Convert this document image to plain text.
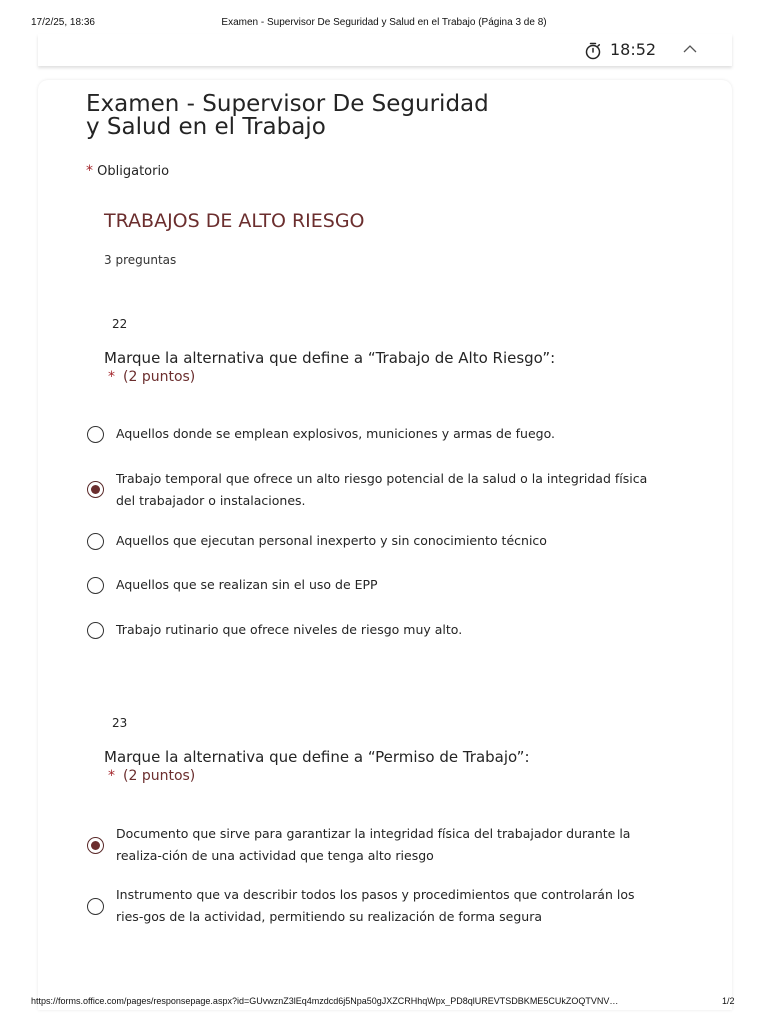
17/2/25, 18:36	Examen - Supervisor De Seguridad y Salud en el Trabajo (Página 3 de 8)
18:52
Examen - Supervisor De Seguridad y Salud en el Trabajo
* Obligatorio
TRABAJOS DE ALTO RIESGO
3 preguntas
22
Marque la alternativa que define a “Trabajo de Alto Riesgo”:
* (2 puntos)
Aquellos donde se emplean explosivos, municiones y armas de fuego.
Trabajo temporal que ofrece un alto riesgo potencial de la salud o la integridad física del trabajador o instalaciones.
Aquellos que ejecutan personal inexperto y sin conocimiento técnico
Aquellos que se realizan sin el uso de EPP
Trabajo rutinario que ofrece niveles de riesgo muy alto.
23
Marque la alternativa que define a “Permiso de Trabajo”:
* (2 puntos)
Documento que sirve para garantizar la integridad física del trabajador durante la realiza-ción de una actividad que tenga alto riesgo
Instrumento que va describir todos los pasos y procedimientos que controlarán los ries-gos de la actividad, permitiendo su realización de forma segura
https://forms.office.com/pages/responsepage.aspx?id=GUvwznZ3lEq4mzdcd6j5Npa50gJXZCRHhqWpx_PD8qlUREVTSDBKME5CUkZOQTVNV…	1/2
